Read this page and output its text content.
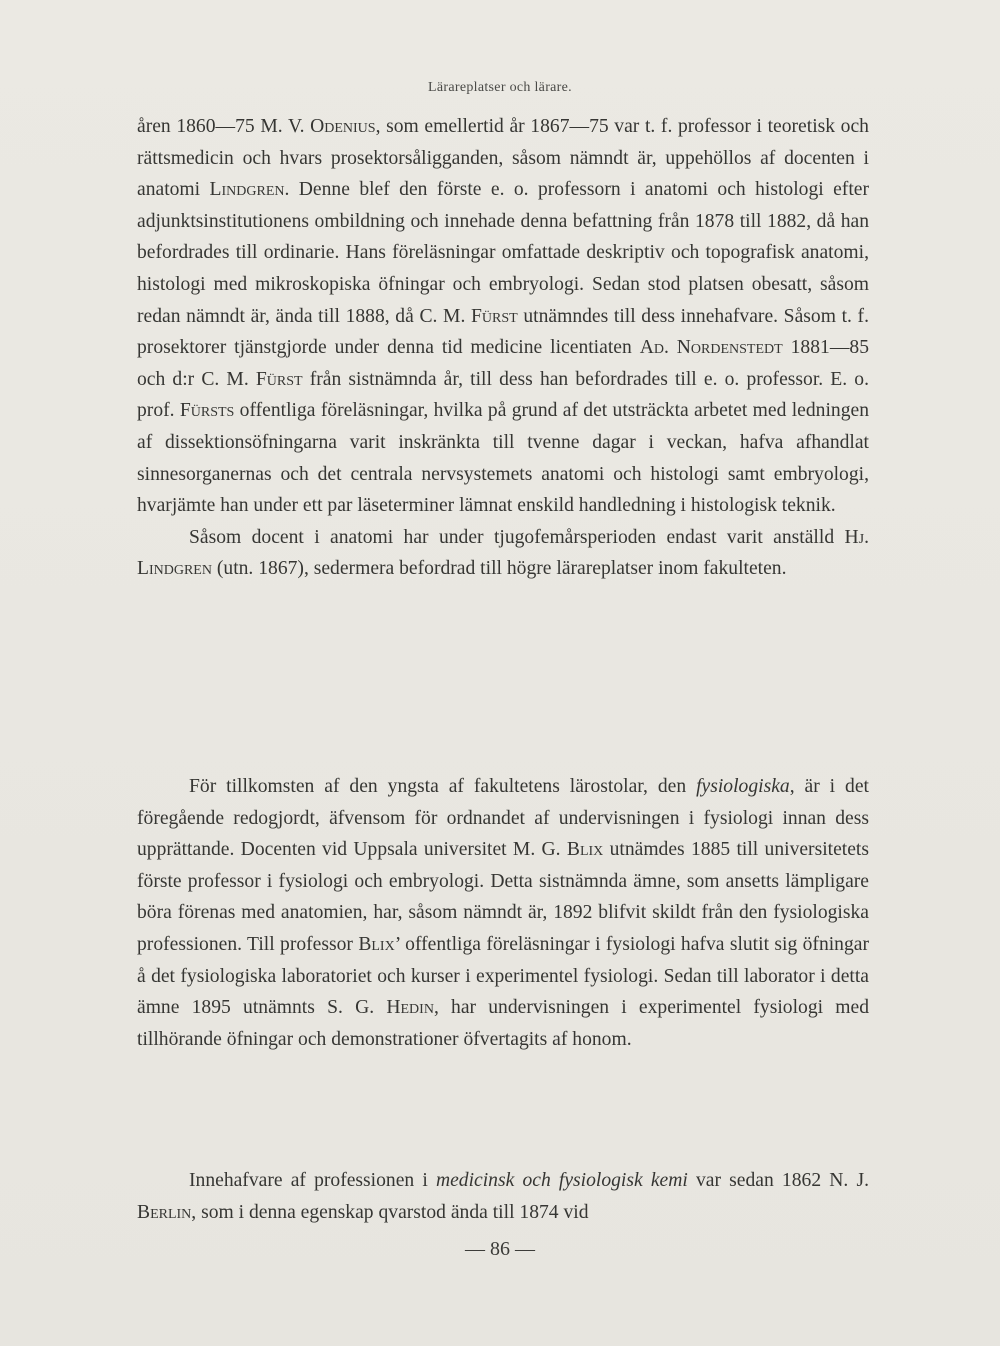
Lärareplatser och lärare.

åren 1860—75 M. V. Odenius, som emellertid år 1867—75 var t. f. professor i teoretisk och rättsmedicin och hvars prosektorsåligganden, såsom nämndt är, uppehöllos af docenten i anatomi Lindgren. Denne blef den förste e. o. professorn i anatomi och histologi efter adjunktsinstitutionens ombildning och innehade denna befattning från 1878 till 1882, då han befordrades till ordinarie. Hans föreläsningar omfattade deskriptiv och topografisk anatomi, histologi med mikroskopiska öfningar och embryologi. Sedan stod platsen obesatt, såsom redan nämndt är, ända till 1888, då C. M. Fürst utnämndes till dess innehafvare. Såsom t. f. prosektorer tjänstgjorde under denna tid medicine licentiaten Ad. Nordenstedt 1881—85 och d:r C. M. Fürst från sistnämnda år, till dess han befordrades till e. o. professor. E. o. prof. Fürsts offentliga föreläsningar, hvilka på grund af det utsträckta arbetet med ledningen af dissektionsöfningarna varit inskränkta till tvenne dagar i veckan, hafva afhandlat sinnesorganernas och det centrala nervsystemets anatomi och histologi samt embryologi, hvarjämte han under ett par läseterminer lämnat enskild handledning i histologisk teknik.

Såsom docent i anatomi har under tjugofemårsperioden endast varit anställd Hj. Lindgren (utn. 1867), sedermera befordrad till högre lärareplatser inom fakulteten.

För tillkomsten af den yngsta af fakultetens lärostolar, den fysiologiska, är i det föregående redogjordt, äfvensom för ordnandet af undervisningen i fysiologi innan dess upprättande. Docenten vid Uppsala universitet M. G. Blix utnämdes 1885 till universitetets förste professor i fysiologi och embryologi. Detta sistnämnda ämne, som ansetts lämpligare böra förenas med anatomien, har, såsom nämndt är, 1892 blifvit skildt från den fysiologiska professionen. Till professor Blix’ offentliga föreläsningar i fysiologi hafva slutit sig öfningar å det fysiologiska laboratoriet och kurser i experimentel fysiologi. Sedan till laborator i detta ämne 1895 utnämnts S. G. Hedin, har undervisningen i experimentel fysiologi med tillhörande öfningar och demonstrationer öfvertagits af honom.

Innehafvare af professionen i medicinsk och fysiologisk kemi var sedan 1862 N. J. Berlin, som i denna egenskap qvarstod ända till 1874 vid

— 86 —
